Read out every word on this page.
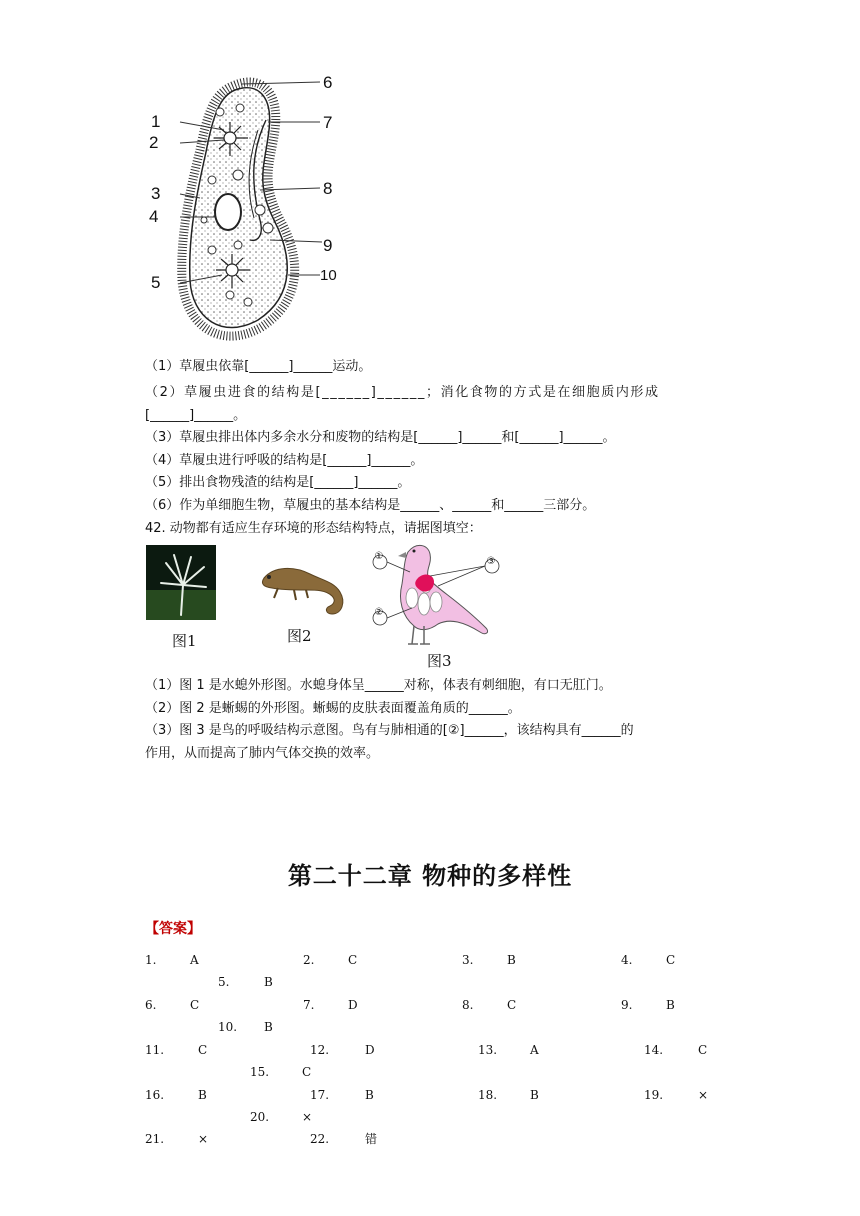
1
2
3
4
5
6
7
8
9
10
（1）草履虫依靠[______]______运动。
（2）草履虫进食的结构是[______]______；消化食物的方式是在细胞质内形成
[______]______。
（3）草履虫排出体内多余水分和废物的结构是[______]______和[______]______。
（4）草履虫进行呼吸的结构是[______]______。
（5）排出食物残渣的结构是[______]______。
（6）作为单细胞生物，草履虫的基本结构是______、______和______三部分。
42. 动物都有适应生存环境的形态结构特点，请据图填空：
图1	图2
图3
（1）图 1 是水螅外形图。水螅身体呈______对称，体表有刺细胞，有口无肛门。
（2）图 2 是蜥蜴的外形图。蜥蜴的皮肤表面覆盖角质的______。
（3）图 3 是鸟的呼吸结构示意图。鸟有与肺相通的[②]______，该结构具有______的
作用，从而提高了肺内气体交换的效率。
第二十二章 物种的多样性
【答案】
1.	A	2.	C	3.	B	4.	C
5.	B
6.	C	7.	D	8.	C	9.	B
10. B
11.	C	12.	D	13.	A	14.	C
15.	C
16.	B	17.	B	18.	B	19.	×
20.	×
21.	×	22.	错
①
②
③
